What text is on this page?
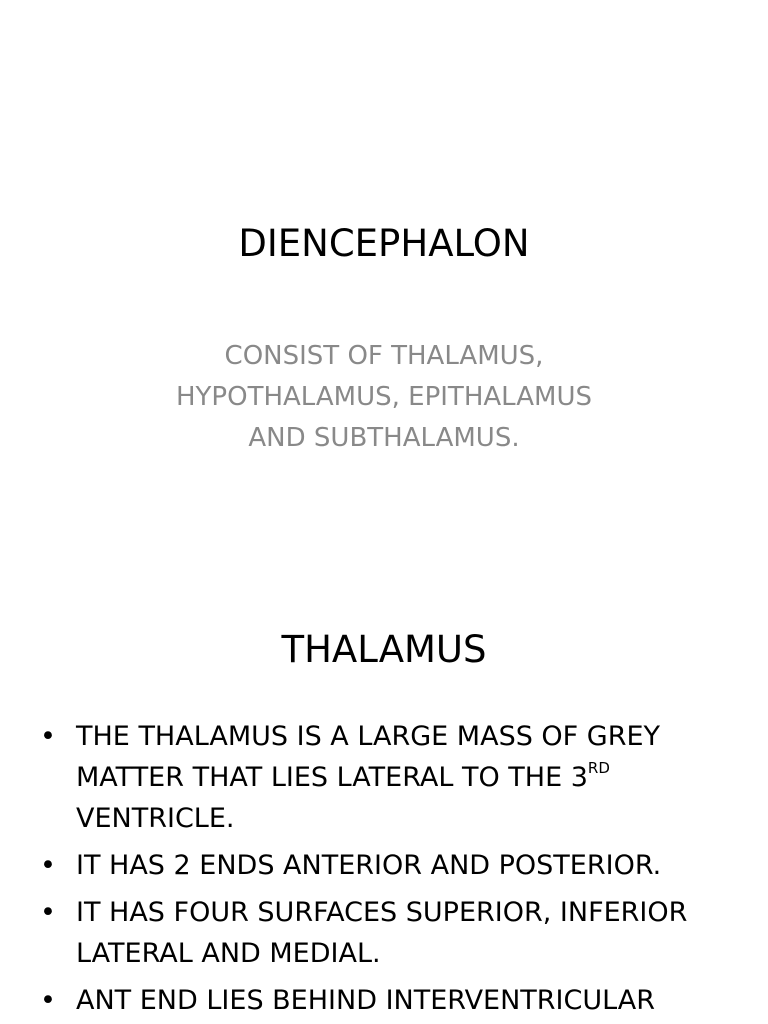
DIENCEPHALON
CONSIST OF THALAMUS,
HYPOTHALAMUS, EPITHALAMUS
AND SUBTHALAMUS.
THALAMUS
• THE THALAMUS IS A LARGE MASS OF GREY
MATTER THAT LIES LATERAL TO THE 3RD
VENTRICLE.
• IT HAS 2 ENDS ANTERIOR AND POSTERIOR.
• IT HAS FOUR SURFACES SUPERIOR, INFERIOR
LATERAL AND MEDIAL.
• ANT END LIES BEHIND INTERVENTRICULAR
